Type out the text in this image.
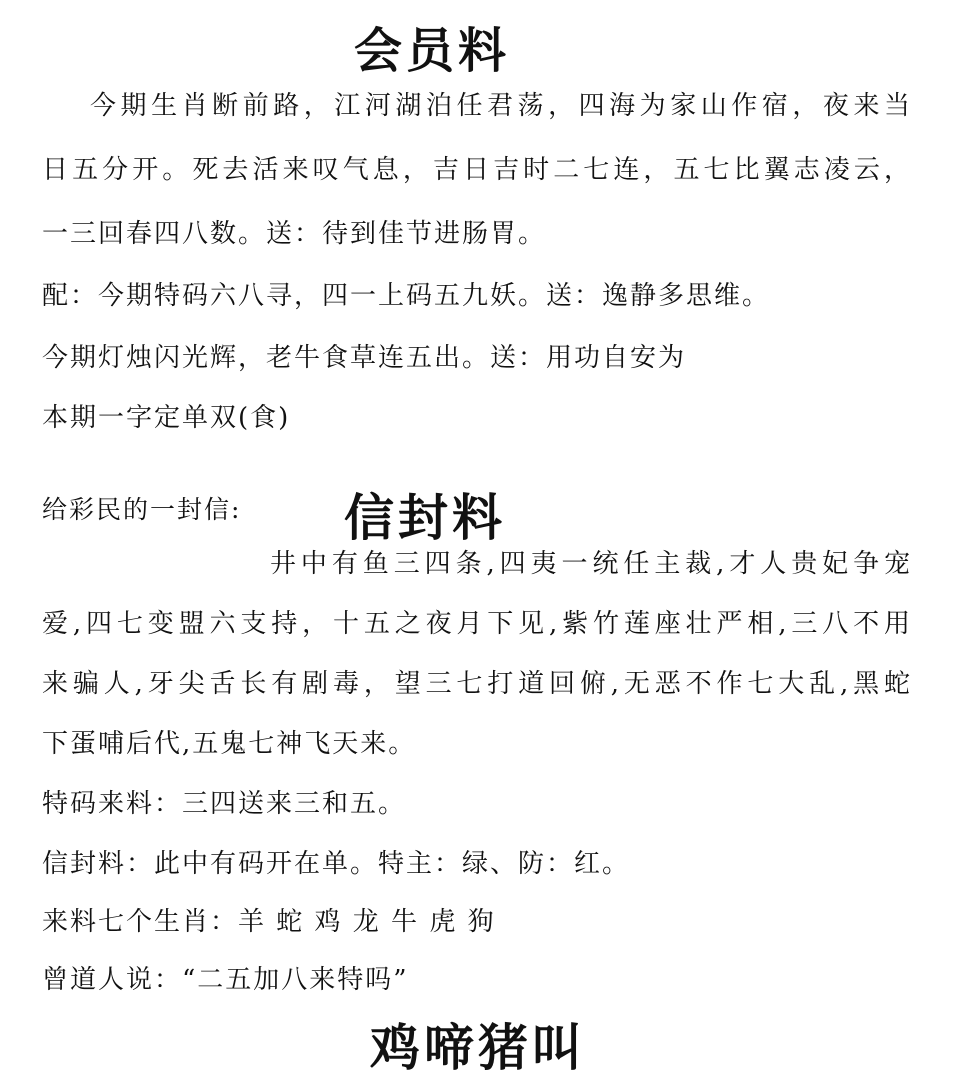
会员料
今期生肖断前路，江河湖泊任君荡，四海为家山作宿，夜来当
日五分开。死去活来叹气息，吉日吉时二七连，五七比翼志凌云，
一三回春四八数。送：待到佳节进肠胃。
配：今期特码六八寻，四一上码五九妖。送：逸静多思维。
今期灯烛闪光辉，老牛食草连五出。送：用功自安为
本期一字定单双(食)
给彩民的一封信: 信封料
井中有鱼三四条,四夷一统任主裁,才人贵妃争宠
爱,四七变盟六支持，十五之夜月下见,紫竹莲座壮严相,三八不用
来骗人,牙尖舌长有剧毒，望三七打道回俯,无恶不作七大乱,黑蛇
下蛋哺后代,五鬼七神飞天来。
特码来料：三四送来三和五。
信封料：此中有码开在单。特主：绿、防：红。
来料七个生肖：羊 蛇 鸡 龙 牛 虎 狗
曾道人说：“二五加八来特吗”
鸡啼猪叫
